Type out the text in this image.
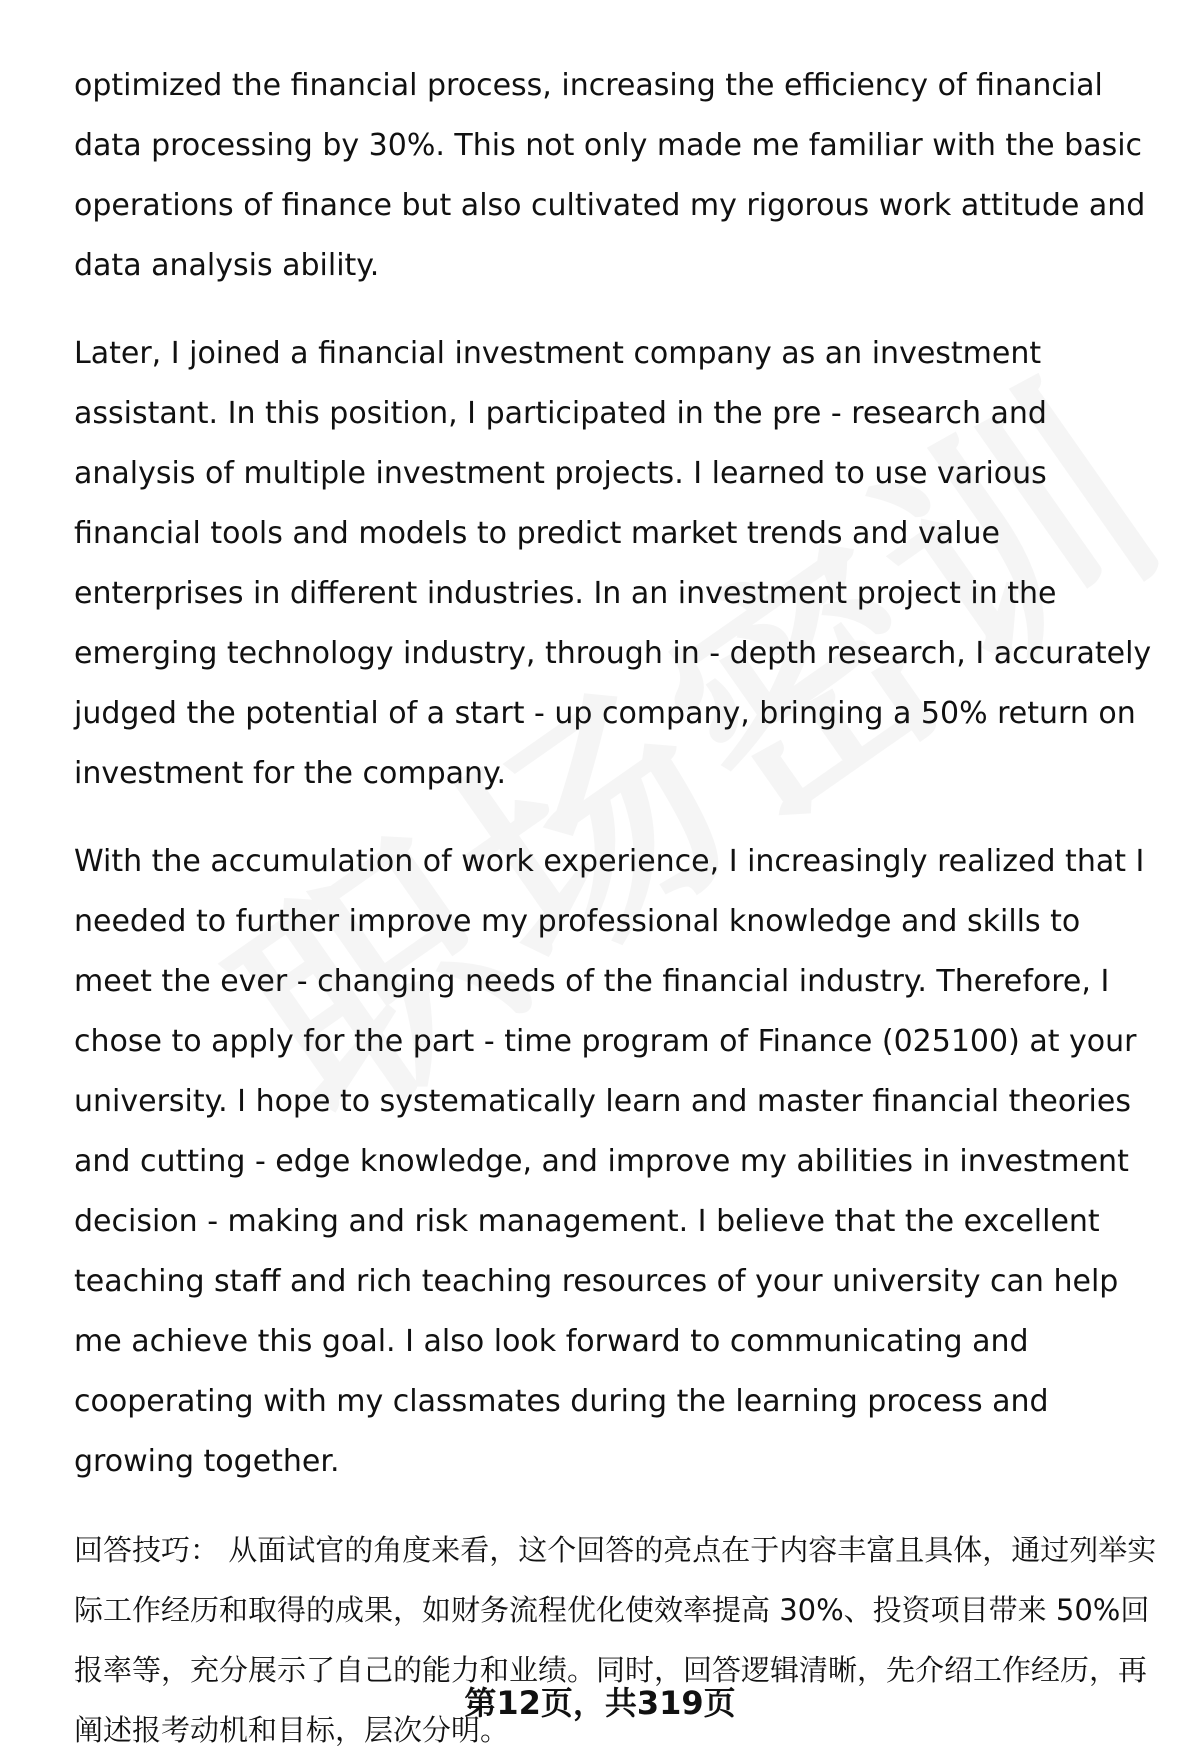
optimized the financial process, increasing the efficiency of financial data processing by 30%. This not only made me familiar with the basic operations of finance but also cultivated my rigorous work attitude and data analysis ability.

Later, I joined a financial investment company as an investment assistant. In this position, I participated in the pre - research and analysis of multiple investment projects. I learned to use various financial tools and models to predict market trends and value enterprises in different industries. In an investment project in the emerging technology industry, through in - depth research, I accurately judged the potential of a start - up company, bringing a 50% return on investment for the company.

With the accumulation of work experience, I increasingly realized that I needed to further improve my professional knowledge and skills to meet the ever - changing needs of the financial industry. Therefore, I chose to apply for the part - time program of Finance (025100) at your university. I hope to systematically learn and master financial theories and cutting - edge knowledge, and improve my abilities in investment decision - making and risk management. I believe that the excellent teaching staff and rich teaching resources of your university can help me achieve this goal. I also look forward to communicating and cooperating with my classmates during the learning process and growing together.

回答技巧： 从面试官的角度来看，这个回答的亮点在于内容丰富且具体，通过列举实际工作经历和取得的成果，如财务流程优化使效率提高 30%、投资项目带来 50%回报率等，充分展示了自己的能力和业绩。同时，回答逻辑清晰，先介绍工作经历，再阐述报考动机和目标，层次分明。

第12页，共319页
